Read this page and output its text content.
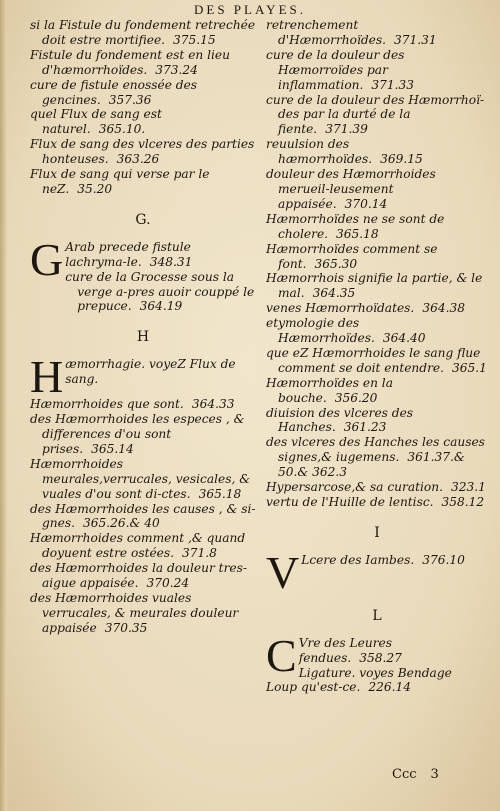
DES PLAYES.

si la Fistule du fondement retrechée doit estre mortifiee. 375.15

Fistule du fondement est en lieu d'hæmorrhoïdes. 373.24

cure de fistule enossée des gencines. 357.36

quel Flux de sang est naturel. 365.10.

Flux de sang des vlceres des parties honteuses. 363.26

Flux de sang qui verse par le neZ. 35.20

G.
G Arab precede fistule lachryma-le. 348.31

cure de la Grocesse sous la verge a-pres auoir couppé le prepuce. 364.19

H
H æmorrhagie. voyeZ Flux de sang.

Hæmorrhoides que sont. 364.33

des Hæmorrhoides les especes , & differences d'ou sont prises. 365.14

Hæmorrhoides meurales,verrucales, vesicales, & vuales d'ou sont di-ctes. 365.18

des Hæmorrhoides les causes , & si-gnes. 365.26.& 40

Hæmorrhoides comment ,& quand doyuent estre ostées. 371.8

des Hæmorrhoides la douleur tres-aigue appaisée. 370.24

des Hæmorrhoides vuales verrucales, & meurales douleur appaisée 370.35

retrenchement d'Hæmorrhoïdes. 371.31

cure de la douleur des Hæmorroïdes par inflammation. 371.33

cure de la douleur des Hæmorrhoï-des par la durté de la fiente. 371.39

reuulsion des hæmorrhoïdes. 369.15

douleur des Hæmorrhoides merueil-leusement appaisée. 370.14

Hæmorrhoïdes ne se sont de cholere. 365.18

Hæmorrhoïdes comment se font. 365.30

Hæmorrhois signifie la partie, & le mal. 364.35

venes Hæmorrhoïdates. 364.38

etymologie des Hæmorrhoïdes. 364.40

que eZ Hæmorrhoides le sang flue comment se doit entendre. 365.1

Hæmorrhoïdes en la bouche. 356.20

diuision des vlceres des Hanches. 361.23

des vlceres des Hanches les causes signes,& iugemens. 361.37.& 50.& 362.3

Hypersarcose,& sa curation. 323.1

vertu de l'Huille de lentisc. 358.12

I
V Lcere des Iambes. 376.10

L
C Vre des Leures fendues. 358.27

Ligature. voyes Bendage

Loup qu'est-ce. 226.14

Ccc 3
